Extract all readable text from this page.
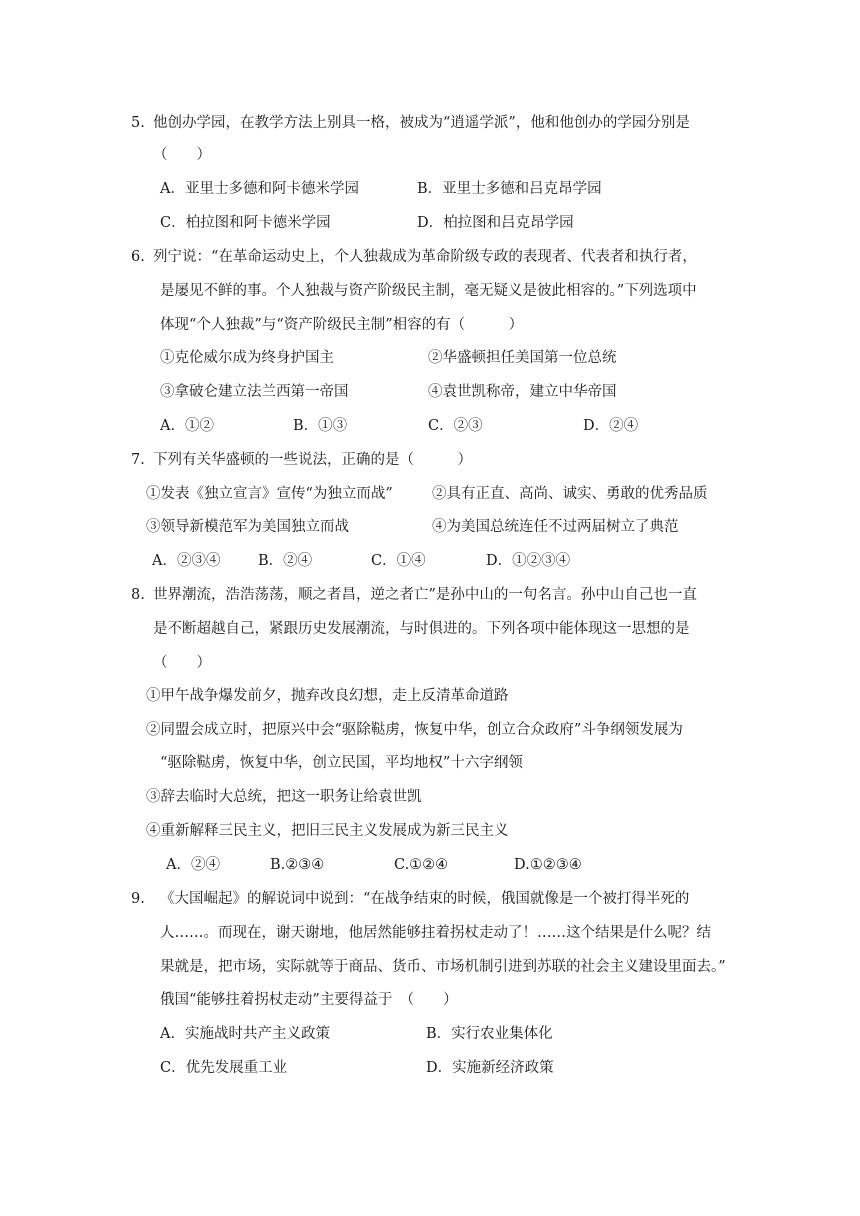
5. 他创办学园，在教学方法上别具一格，被成为“逍遥学派”，他和他创办的学园分别是
（　　）
A．亚里士多德和阿卡德米学园	B．亚里士多德和吕克昂学园
C．柏拉图和阿卡德米学园	D．柏拉图和吕克昂学园
6. 列宁说：“在革命运动史上，个人独裁成为革命阶级专政的表现者、代表者和执行者，
是屡见不鲜的事。个人独裁与资产阶级民主制，毫无疑义是彼此相容的。”下列选项中
体现“个人独裁”与“资产阶级民主制”相容的有（　　　）
①克伦威尔成为终身护国主	②华盛顿担任美国第一位总统
③拿破仑建立法兰西第一帝国	④袁世凯称帝，建立中华帝国
A．①②	B．①③	C．②③	D．②④
7. 下列有关华盛顿的一些说法，正确的是（　　　）
①发表《独立宣言》宣传“为独立而战”	②具有正直、高尚、诚实、勇敢的优秀品质
③领导新模范军为美国独立而战	④为美国总统连任不过两届树立了典范
A．②③④	B．②④	C．①④	D．①②③④
8. 世界潮流，浩浩荡荡，顺之者昌，逆之者亡”是孙中山的一句名言。孙中山自己也一直
是不断超越自己，紧跟历史发展潮流，与时俱进的。下列各项中能体现这一思想的是
（　　）
①甲午战争爆发前夕，抛弃改良幻想，走上反清革命道路
②同盟会成立时，把原兴中会“驱除鞑虏，恢复中华，创立合众政府”斗争纲领发展为
“驱除鞑虏，恢复中华，创立民国，平均地权”十六字纲领
③辞去临时大总统，把这一职务让给袁世凯
④重新解释三民主义，把旧三民主义发展成为新三民主义
A．②④	B.②③④	C.①②④	D.①②③④
9. 《大国崛起》的解说词中说到：“在战争结束的时候，俄国就像是一个被打得半死的
人……。而现在，谢天谢地，他居然能够拄着拐杖走动了！……这个结果是什么呢？结
果就是，把市场，实际就等于商品、货币、市场机制引进到苏联的社会主义建设里面去。”
俄国“能够拄着拐杖走动”主要得益于　（　　）
A．实施战时共产主义政策	B．实行农业集体化
C．优先发展重工业	D．实施新经济政策
